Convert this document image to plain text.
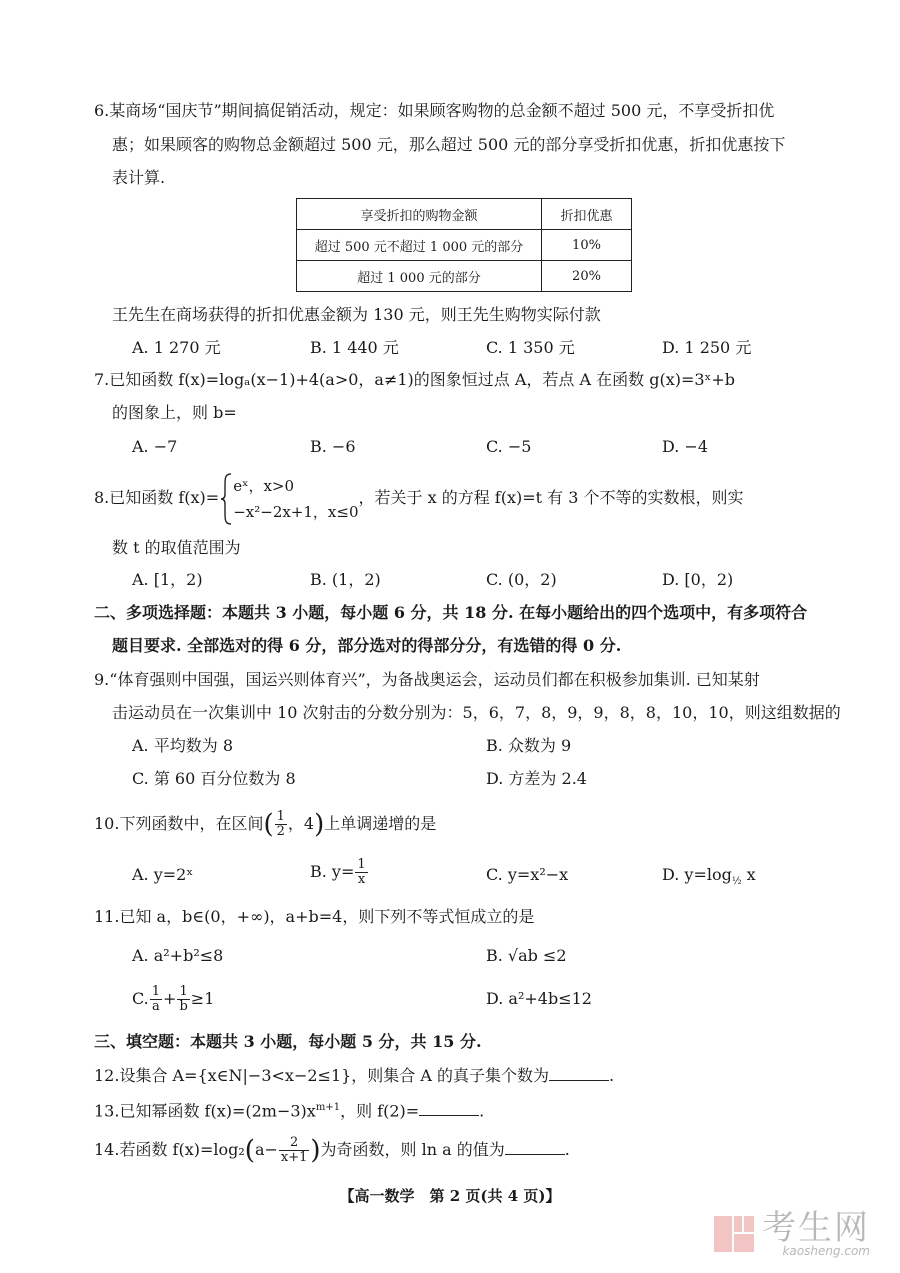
6.某商场“国庆节”期间搞促销活动，规定：如果顾客购物的总金额不超过 500 元，不享受折扣优
惠；如果顾客的购物总金额超过 500 元，那么超过 500 元的部分享受折扣优惠，折扣优惠按下
表计算.
享受折扣的购物金额	折扣优惠
超过 500 元不超过 1 000 元的部分	10%
超过 1 000 元的部分	20%
王先生在商场获得的折扣优惠金额为 130 元，则王先生购物实际付款
A. 1 270 元	B. 1 440 元	C. 1 350 元	D. 1 250 元
7.已知函数 f(x)=logₐ(x−1)+4(a>0，a≠1)的图象恒过点 A，若点 A 在函数 g(x)=3ˣ+b
的图象上，则 b=
A. −7	B. −6	C. −5	D. −4
8.已知函数 f(x)=
eˣ，x>0
−x²−2x+1，x≤0
，若关于 x 的方程 f(x)=t 有 3 个不等的实数根，则实
数 t 的取值范围为
A. [1，2)	B. (1，2)	C. (0，2)	D. [0，2)
二、多项选择题：本题共 3 小题，每小题 6 分，共 18 分. 在每小题给出的四个选项中，有多项符合
题目要求. 全部选对的得 6 分，部分选对的得部分分，有选错的得 0 分.
9.“体育强则中国强，国运兴则体育兴”，为备战奥运会，运动员们都在积极参加集训. 已知某射
击运动员在一次集训中 10 次射击的分数分别为：5，6，7，8，9，9，8，8，10，10，则这组数据的
A. 平均数为 8	B. 众数为 9
C. 第 60 百分位数为 8	D. 方差为 2.4
10.下列函数中，在区间( $\frac{1}{2}$ ，4)上单调递增的是
A. y=2ˣ	B. $y= \frac{1}{x}$	C. y=x²−x	D. $y=\log_{\frac{1}{2}}$ x
11.已知 a，b∈(0，+∞)，a+b=4，则下列不等式恒成立的是
A. a²+b²≤8	B. √ab ≤2
C. $\frac{1}{a} + \frac{1}{b} \ge 1$	D. a²+4b≤12
三、填空题：本题共 3 小题，每小题 5 分，共 15 分.
12.设集合 A={x∈N|−3<x−2≤1}，则集合 A 的真子集个数为	.
13.已知幂函数 $f(x)=(2m-3)x^{m+1}$，则 f(2)=	.
14.若函数 $f(x)=\log_2(a- \frac{2}{x+1}$ )为奇函数，则 ln a 的值为	.
【高一数学　第 2 页(共 4 页)】
考生网
kaosheng.com
